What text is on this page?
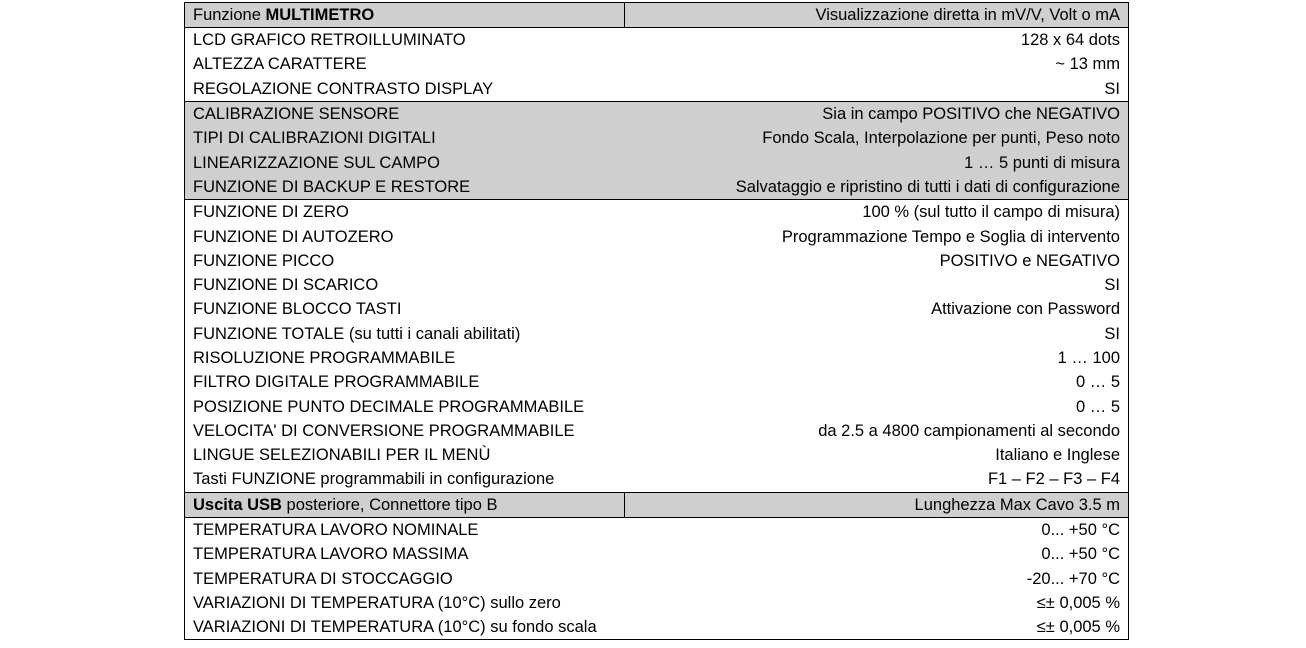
Funzione MULTIMETRO	Visualizzazione diretta in mV/V, Volt o mA
LCD GRAFICO RETROILLUMINATO	128 x 64 dots
ALTEZZA CARATTERE	~ 13 mm
REGOLAZIONE CONTRASTO DISPLAY	SI
CALIBRAZIONE SENSORE	Sia in campo POSITIVO che NEGATIVO
TIPI DI CALIBRAZIONI DIGITALI	Fondo Scala, Interpolazione per punti, Peso noto
LINEARIZZAZIONE SUL CAMPO	1 … 5 punti di misura
FUNZIONE DI BACKUP E RESTORE	Salvataggio e ripristino di tutti i dati di configurazione
FUNZIONE DI ZERO	100 % (sul tutto il campo di misura)
FUNZIONE DI AUTOZERO	Programmazione Tempo e Soglia di intervento
FUNZIONE PICCO	POSITIVO e NEGATIVO
FUNZIONE DI SCARICO	SI
FUNZIONE BLOCCO TASTI	Attivazione con Password
FUNZIONE TOTALE (su tutti i canali abilitati)	SI
RISOLUZIONE PROGRAMMABILE	1 … 100
FILTRO DIGITALE PROGRAMMABILE	0 … 5
POSIZIONE PUNTO DECIMALE PROGRAMMABILE	0 … 5
VELOCITA' DI CONVERSIONE PROGRAMMABILE	da 2.5 a 4800 campionamenti al secondo
LINGUE SELEZIONABILI PER IL MENÙ	Italiano e Inglese
Tasti FUNZIONE programmabili in configurazione	F1 – F2 – F3 – F4
Uscita USB posteriore, Connettore tipo B	Lunghezza Max Cavo 3.5 m
TEMPERATURA LAVORO NOMINALE	0... +50 °C
TEMPERATURA LAVORO MASSIMA	0... +50 °C
TEMPERATURA DI STOCCAGGIO	-20... +70 °C
VARIAZIONI DI TEMPERATURA (10°C) sullo zero	≤± 0,005 %
VARIAZIONI DI TEMPERATURA (10°C) su fondo scala	≤± 0,005 %
